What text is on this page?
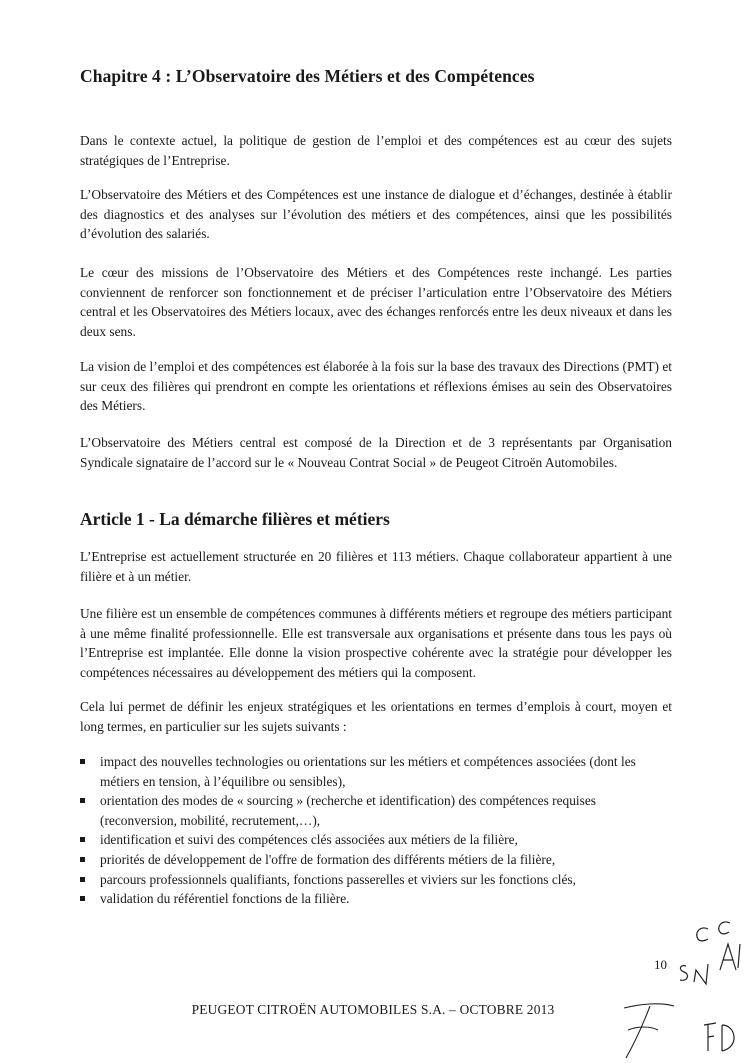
Chapitre 4 : L’Observatoire des Métiers et des Compétences

Dans le contexte actuel, la politique de gestion de l’emploi et des compétences est au cœur des sujets stratégiques de l’Entreprise.

L’Observatoire des Métiers et des Compétences est une instance de dialogue et d’échanges, destinée à établir des diagnostics et des analyses sur l’évolution des métiers et des compétences, ainsi que les possibilités d’évolution des salariés.

Le cœur des missions de l’Observatoire des Métiers et des Compétences reste inchangé. Les parties conviennent de renforcer son fonctionnement et de préciser l’articulation entre l’Observatoire des Métiers central et les Observatoires des Métiers locaux, avec des échanges renforcés entre les deux niveaux et dans les deux sens.

La vision de l’emploi et des compétences est élaborée à la fois sur la base des travaux des Directions (PMT) et sur ceux des filières qui prendront en compte les orientations et réflexions émises au sein des Observatoires des Métiers.

L’Observatoire des Métiers central est composé de la Direction et de 3 représentants par Organisation Syndicale signataire de l’accord sur le « Nouveau Contrat Social » de Peugeot Citroën Automobiles.

Article 1 - La démarche filières et métiers

L’Entreprise est actuellement structurée en 20 filières et 113 métiers. Chaque collaborateur appartient à une filière et à un métier.

Une filière est un ensemble de compétences communes à différents métiers et regroupe des métiers participant à une même finalité professionnelle. Elle est transversale aux organisations et présente dans tous les pays où l’Entreprise est implantée. Elle donne la vision prospective cohérente avec la stratégie pour développer les compétences nécessaires au développement des métiers qui la composent.

Cela lui permet de définir les enjeux stratégiques et les orientations en termes d’emplois à court, moyen et long termes, en particulier sur les sujets suivants :

impact des nouvelles technologies ou orientations sur les métiers et compétences associées (dont les métiers en tension, à l’équilibre ou sensibles),
orientation des modes de « sourcing » (recherche et identification) des compétences requises (reconversion, mobilité, recrutement,…),
identification et suivi des compétences clés associées aux métiers de la filière,
priorités de développement de l'offre de formation des différents métiers de la filière,
parcours professionnels qualifiants, fonctions passerelles et viviers sur les fonctions clés,
validation du référentiel fonctions de la filière.
10
PEUGEOT CITROËN AUTOMOBILES S.A. – OCTOBRE 2013
